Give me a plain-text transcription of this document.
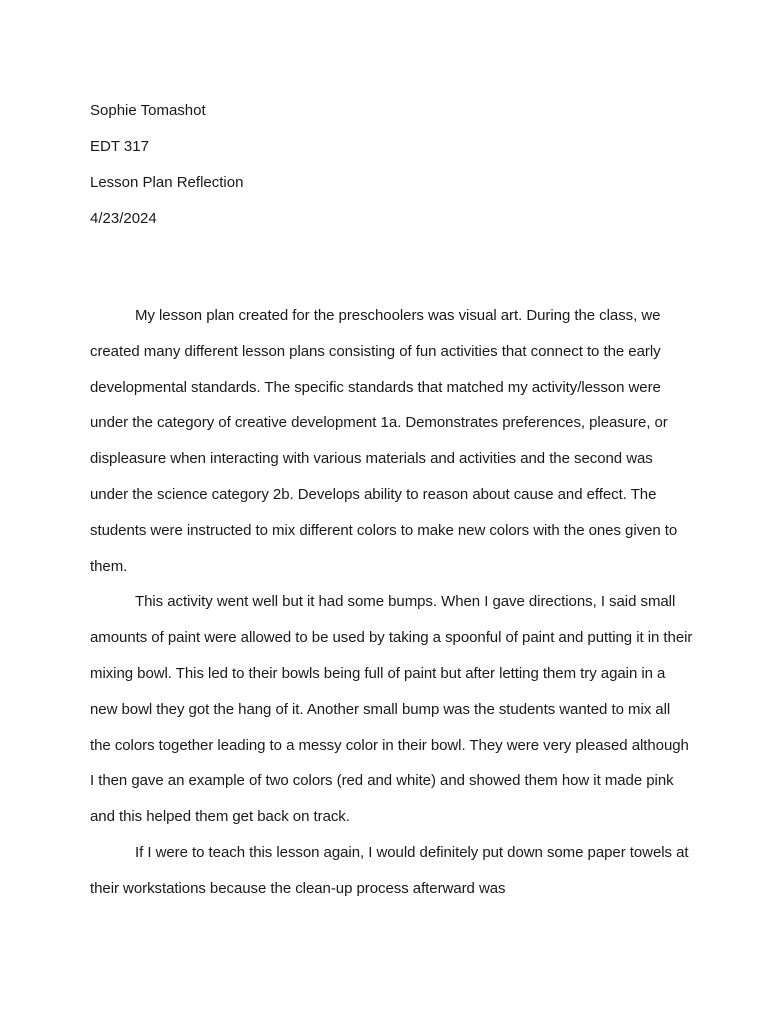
Sophie Tomashot
EDT 317
Lesson Plan Reflection
4/23/2024

My lesson plan created for the preschoolers was visual art. During the class, we created many different lesson plans consisting of fun activities that connect to the early developmental standards. The specific standards that matched my activity/lesson were under the category of creative development 1a. Demonstrates preferences, pleasure, or displeasure when interacting with various materials and activities and the second was under the science category 2b. Develops ability to reason about cause and effect. The students were instructed to mix different colors to make new colors with the ones given to them.

This activity went well but it had some bumps. When I gave directions, I said small amounts of paint were allowed to be used by taking a spoonful of paint and putting it in their mixing bowl. This led to their bowls being full of paint but after letting them try again in a new bowl they got the hang of it. Another small bump was the students wanted to mix all the colors together leading to a messy color in their bowl. They were very pleased although I then gave an example of two colors (red and white) and showed them how it made pink and this helped them get back on track.

If I were to teach this lesson again, I would definitely put down some paper towels at their workstations because the clean-up process afterward was
